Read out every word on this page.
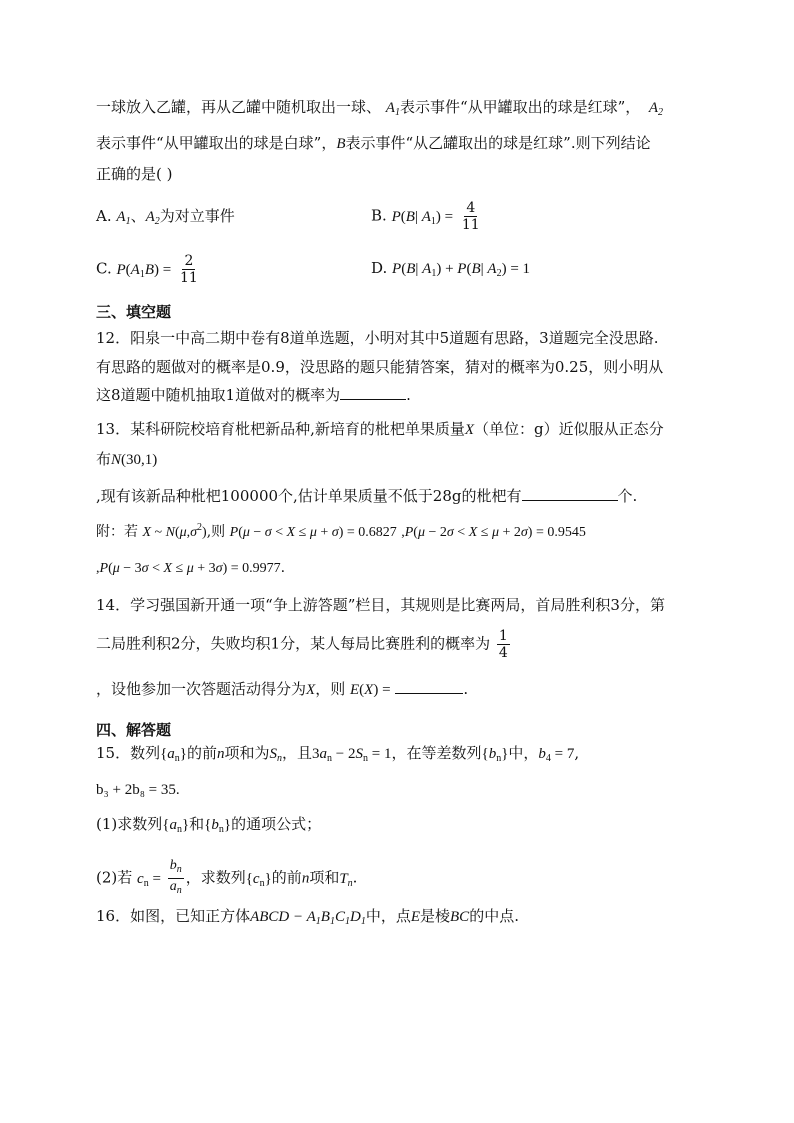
一球放入乙罐，再从乙罐中随机取出一球、 $A_1$表示事件“从甲罐取出的球是红球”，  $A_2$
表示事件“从甲罐取出的球是白球”，B表示事件“从乙罐取出的球是红球”.则下列结论
正确的是( )
A. $A_1$、$A_2$为对立事件	B. P(B| $A_1) = \frac{4}{11}$
C. $P(A_1B) = \frac{2}{11}$	D. P(B| $A_1) + P(B|$ $A_2) = 1$
三、填空题
12．阳泉一中高二期中卷有8道单选题，小明对其中5道题有思路，3道题完全没思路.
有思路的题做对的概率是0.9，没思路的题只能猜答案，猜对的概率为0.25，则小明从
这8道题中随机抽取1道做对的概率为	.
13．某科研院校培育枇杷新品种,新培育的枇杷单果质量X（单位：g）近似服从正态分
布N(30,1)
,现有该新品种枇杷100000个,估计单果质量不低于28g的枇杷有	个.
附：若 X ~ $N(\mu,\sigma^2)$,则 P(μ − σ < X ≤ μ + σ) = 0.6827 ,P(μ − 2σ < X ≤ μ + 2σ) = 0.9545
,P(μ − 3σ < X ≤ μ + 3σ) = 0.9977.
14．学习强国新开通一项“争上游答题”栏目，其规则是比赛两局，首局胜利积3分，第
二局胜利积2分，失败均积1分，某人每局比赛胜利的概率为 $\frac{1}{4}$
，设他参加一次答题活动得分为X，则 E(X) =	.
四、解答题
15．数列$\{a_n\}$的前n项和为$S_n$，且$3a_n - 2S_n = 1$，在等差数列$\{b_n\}$中，$b_4 = 7$,
b₃ + 2b₈ = 35.
(1)求数列$\{a_n\}$和$\{b_n\}$的通项公式；
(2)若 $c_n = \frac{b_n}{a_n}$ ，求数列$\{c_n\}$的前n项和$T_n$.
16．如图，已知正方体ABCD − $A_1B_1C_1D_1$中，点E是棱BC的中点.
